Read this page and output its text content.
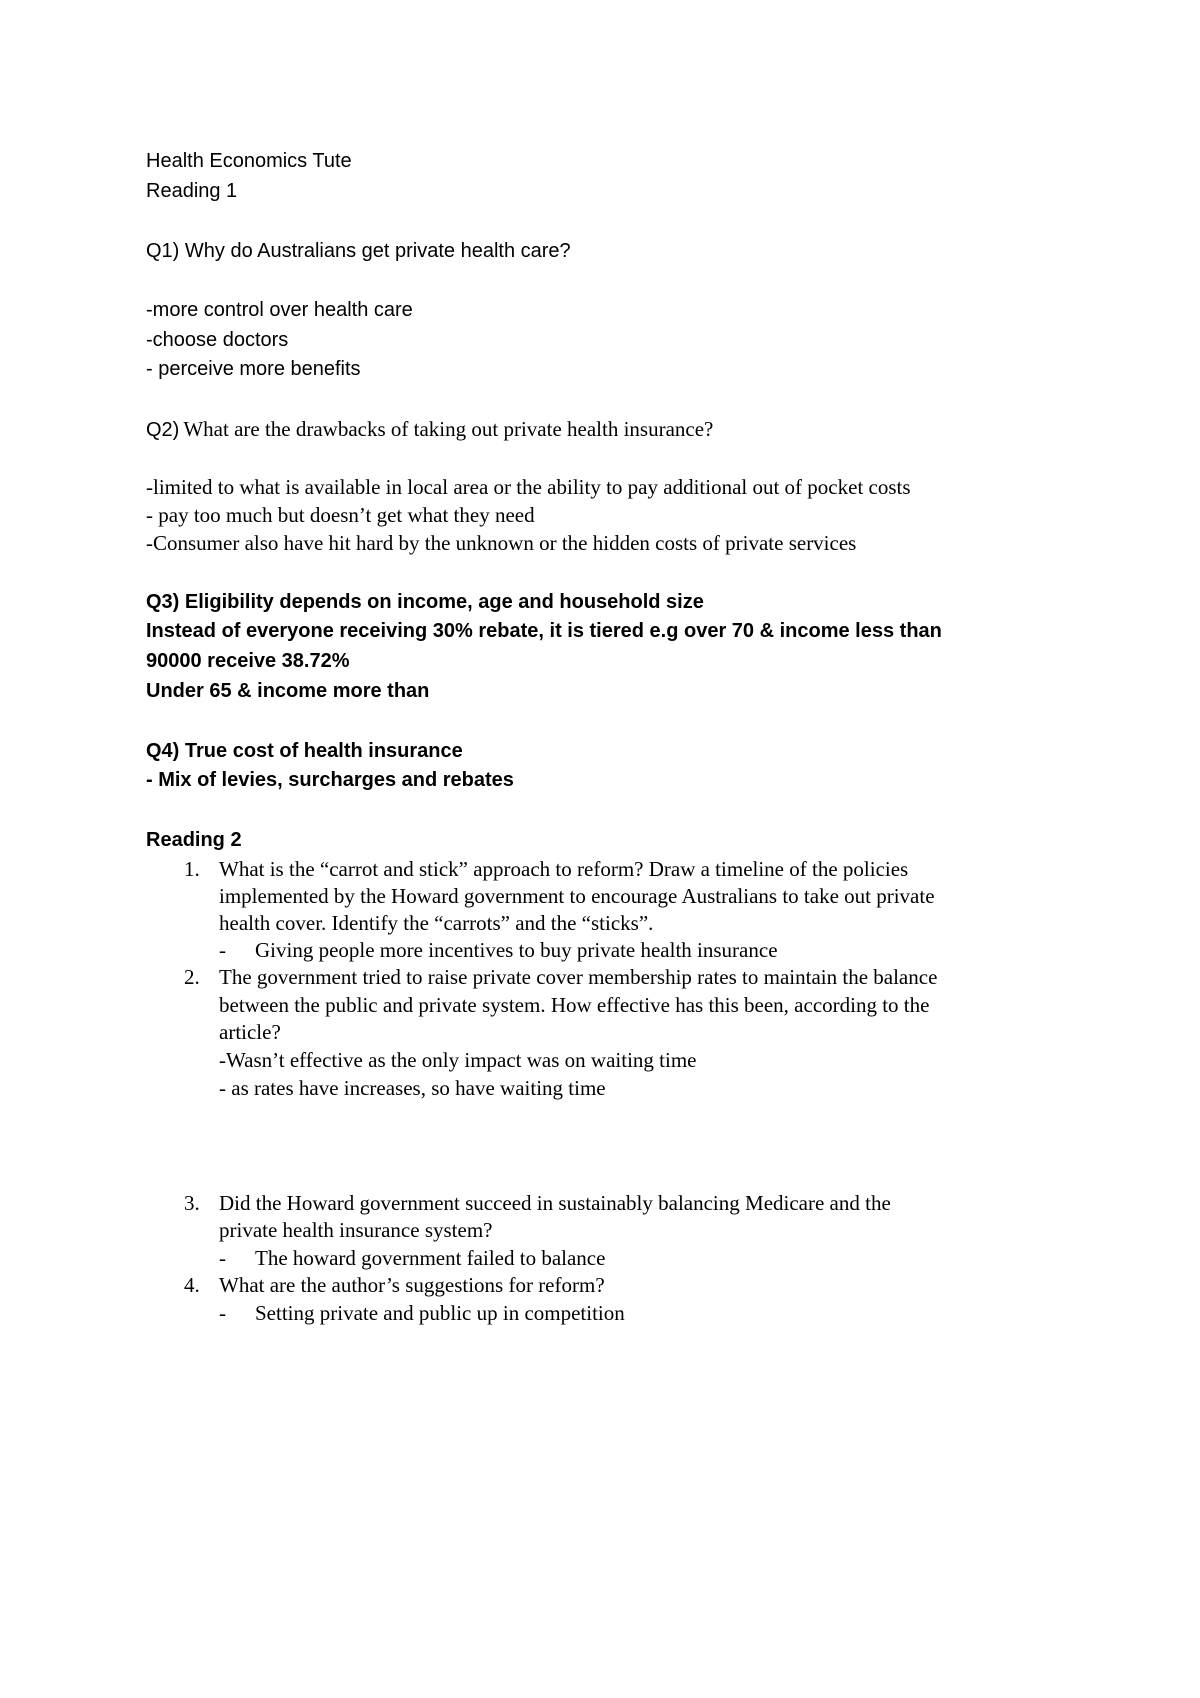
Health Economics Tute
Reading 1
Q1) Why do Australians get private health care?
-more control over health care
-choose doctors
- perceive more benefits
Q2) What are the drawbacks of taking out private health insurance?
-limited to what is available in local area or the ability to pay additional out of pocket costs
- pay too much but doesn’t get what they need
-Consumer also have hit hard by the unknown or the hidden costs of private services
Q3) Eligibility depends on income, age and household size
Instead of everyone receiving 30% rebate, it is tiered e.g over 70 & income less than
90000 receive 38.72%
Under 65 & income more than
Q4) True cost of health insurance
- Mix of levies, surcharges and rebates
Reading 2
1. What is the “carrot and stick” approach to reform? Draw a timeline of the policies
implemented by the Howard government to encourage Australians to take out private
health cover. Identify the “carrots” and the “sticks”.
- Giving people more incentives to buy private health insurance
2. The government tried to raise private cover membership rates to maintain the balance
between the public and private system. How effective has this been, according to the
article?
-Wasn’t effective as the only impact was on waiting time
- as rates have increases, so have waiting time
3. Did the Howard government succeed in sustainably balancing Medicare and the
private health insurance system?
- The howard government failed to balance
4. What are the author’s suggestions for reform?
- Setting private and public up in competition
